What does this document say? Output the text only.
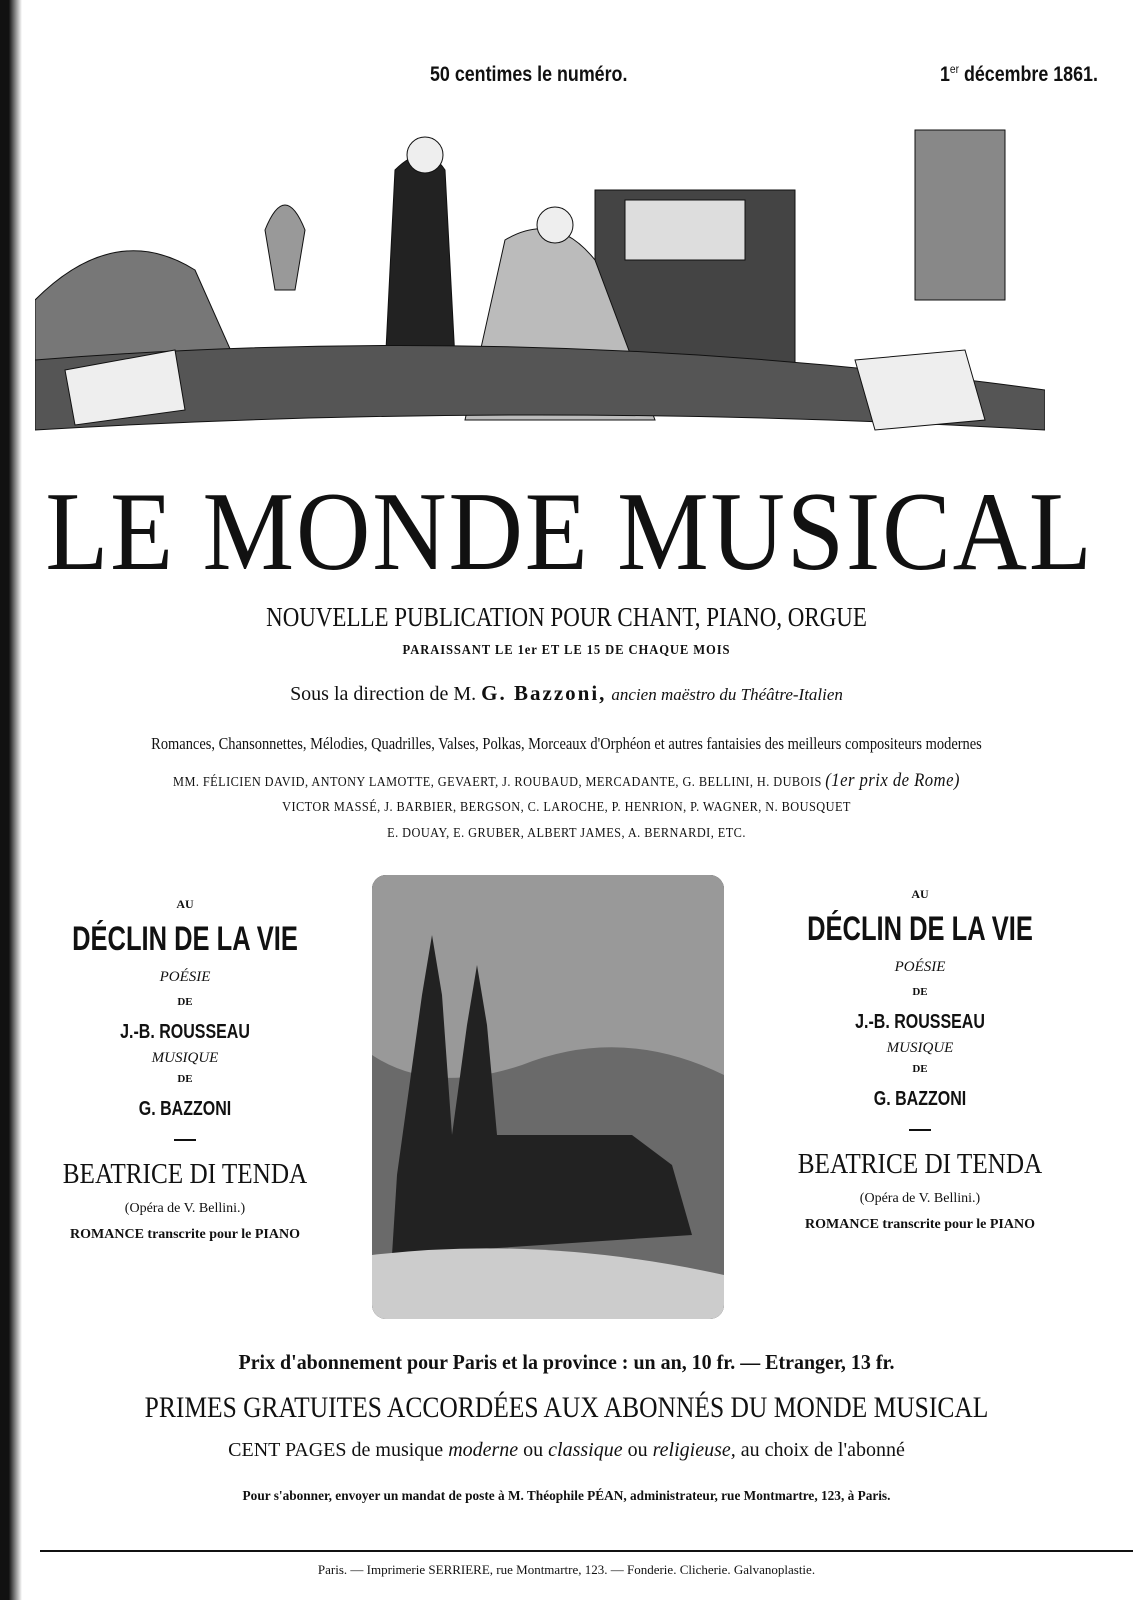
50 centimes le numéro.	1er décembre 1861.
LE MONDE MUSICAL
NOUVELLE PUBLICATION POUR CHANT, PIANO, ORGUE
PARAISSANT LE 1er ET LE 15 DE CHAQUE MOIS
Sous la direction de M. G. Bazzoni, ancien maëstro du Théâtre-Italien
Romances, Chansonnettes, Mélodies, Quadrilles, Valses, Polkas, Morceaux d'Orphéon et autres fantaisies des meilleurs compositeurs modernes
MM. FÉLICIEN DAVID, ANTONY LAMOTTE, GEVAERT, J. ROUBAUD, MERCADANTE, G. BELLINI, H. DUBOIS (1er prix de Rome)
VICTOR MASSÉ, J. BARBIER, BERGSON, C. LAROCHE, P. HENRION, P. WAGNER, N. BOUSQUET
E. DOUAY, E. GRUBER, ALBERT JAMES, A. BERNARDI, ETC.
AU
DÉCLIN DE LA VIE
POÉSIE
DE
J.-B. ROUSSEAU
MUSIQUE
DE
G. BAZZONI
BEATRICE DI TENDA
(Opéra de V. Bellini.)
ROMANCE transcrite pour le PIANO
AU
DÉCLIN DE LA VIE
POÉSIE
DE
J.-B. ROUSSEAU
MUSIQUE
DE
G. BAZZONI
BEATRICE DI TENDA
(Opéra de V. Bellini.)
ROMANCE transcrite pour le PIANO
Prix d'abonnement pour Paris et la province : un an, 10 fr. — Etranger, 13 fr.
PRIMES GRATUITES ACCORDÉES AUX ABONNÉS DU MONDE MUSICAL
CENT PAGES de musique moderne ou classique ou religieuse, au choix de l'abonné
Pour s'abonner, envoyer un mandat de poste à M. Théophile PÉAN, administrateur, rue Montmartre, 123, à Paris.
Paris. — Imprimerie SERRIERE, rue Montmartre, 123. — Fonderie. Clicherie. Galvanoplastie.
